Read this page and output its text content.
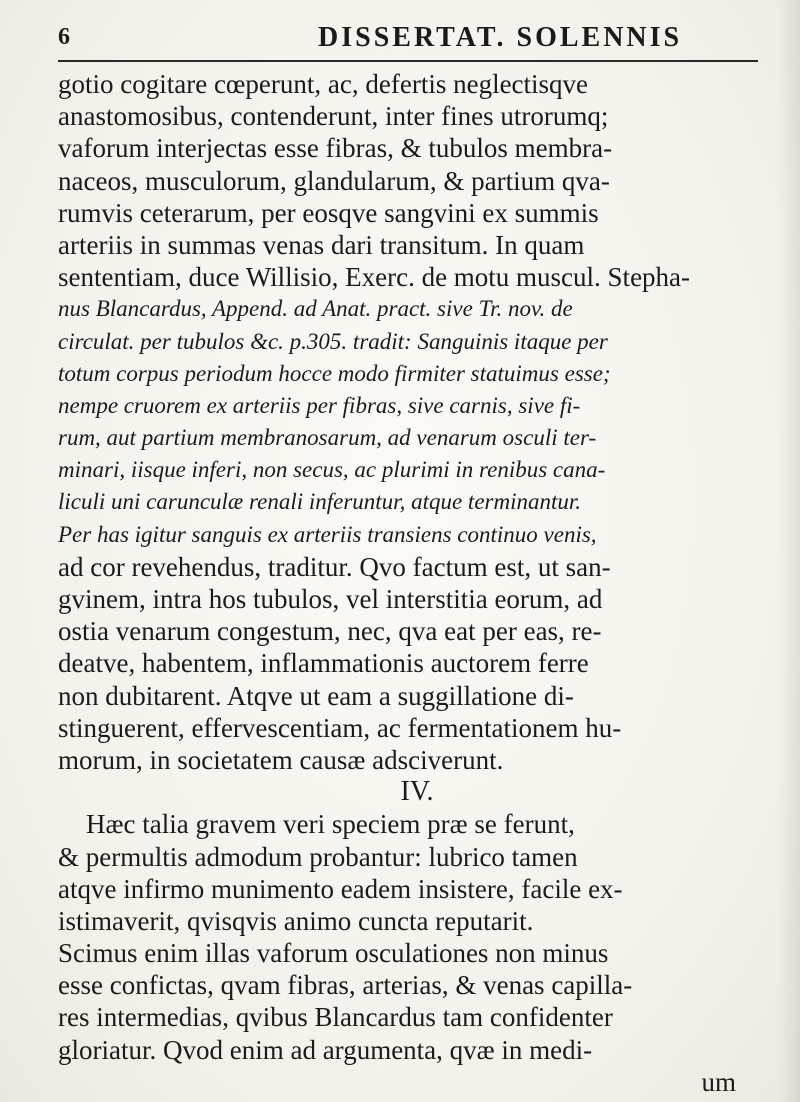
6	DISSERTAT. SOLENNIS
gotio cogitare cœperunt, ac, defertis neglectisqve
anastomosibus, contenderunt, inter fines utrorumq;
vaforum interjectas esse fibras, & tubulos membra-
naceos, musculorum, glandularum, & partium qva-
rumvis ceterarum, per eosqve sangvini ex summis
arteriis in summas venas dari transitum. In quam
sententiam, duce Willisio, Exerc. de motu muscul. Stepha-
nus Blancardus, Append. ad Anat. pract. sive Tr. nov. de
circulat. per tubulos &c. p.305. tradit: Sanguinis itaque per
totum corpus periodum hocce modo firmiter statuimus esse;
nempe cruorem ex arteriis per fibras, sive carnis, sive fi-
rum, aut partium membranosarum, ad venarum osculi ter-
minari, iisque inferi, non secus, ac plurimi in renibus cana-
liculi uni carunculæ renali inferuntur, atque terminantur.
Per has igitur sanguis ex arteriis transiens continuo venis,
ad cor revehendus, traditur. Qvo factum est, ut san-
gvinem, intra hos tubulos, vel interstitia eorum, ad
ostia venarum congestum, nec, qva eat per eas, re-
deatve, habentem, inflammationis auctorem ferre
non dubitarent. Atqve ut eam a suggillatione di-
stinguerent, effervescentiam, ac fermentationem hu-
morum, in societatem causæ adsciverunt.
IV.
Hæc talia gravem veri speciem præ se ferunt,
& permultis admodum probantur: lubrico tamen
atqve infirmo munimento eadem insistere, facile ex-
istimaverit, qvisqvis animo cuncta reputarit.
Scimus enim illas vaforum osculationes non minus
esse confictas, qvam fibras, arterias, & venas capilla-
res intermedias, qvibus Blancardus tam confidenter
gloriatur. Qvod enim ad argumenta, qvæ in medi-
um
